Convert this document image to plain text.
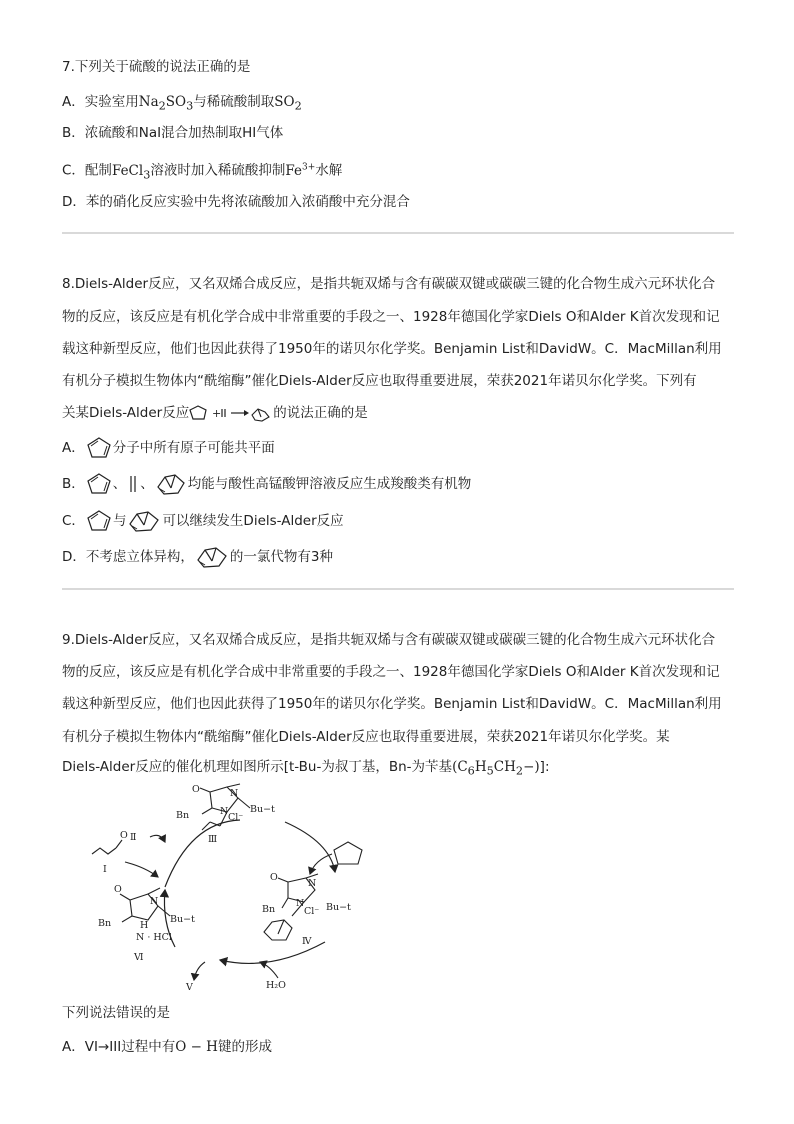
7.下列关于硫酸的说法正确的是
A．实验室用$Na_2SO_3$与稀硫酸制取$SO_2$
B．浓硫酸和NaI混合加热制取HI气体
C．配制FeCl$_3$溶液时加入稀硫酸抑制$Fe^{3+}$水解
D．苯的硝化反应实验中先将浓硫酸加入浓硝酸中充分混合
8.Diels-Alder反应，又名双烯合成反应，是指共轭双烯与含有碳碳双键或碳碳三键的化合物生成六元环状化合
物的反应，该反应是有机化学合成中非常重要的手段之一、1928年德国化学家Diels O和Alder K首次发现和记
载这种新型反应，他们也因此获得了1950年的诺贝尔化学奖。Benjamin List和DavidW。C．MacMillan利用
有机分子模拟生物体内“酰缩酶”催化Diels-Alder反应也取得重要进展，荣获2021年诺贝尔化学奖。下列有
关某Diels-Alder反应 +	的说法正确的是
A． 分子中所有原子可能共平面
B． 、 、	均能与酸性高锰酸钾溶液反应生成羧酸类有机物
C． 与	可以继续发生Diels-Alder反应
D．不考虑立体异构，	的一氯代物有3种
9.Diels-Alder反应，又名双烯合成反应，是指共轭双烯与含有碳碳双键或碳碳三键的化合物生成六元环状化合
物的反应，该反应是有机化学合成中非常重要的手段之一、1928年德国化学家Diels O和Alder K首次发现和记
载这种新型反应，他们也因此获得了1950年的诺贝尔化学奖。Benjamin List和DavidW。C．MacMillan利用
有机分子模拟生物体内“酰缩酶”催化Diels-Alder反应也取得重要进展，荣获2021年诺贝尔化学奖。某
Diels-Alder反应的催化机理如图所示[t-Bu-为叔丁基，Bn-为苄基$(C_6H_5CH_2-)$]:
O	N
Bn	N
Cl⁻
Bu−t
Ⅲ
Ⅱ
O
I
O
N
Bn
N
Cl⁻ Bu−t
Ⅳ
H₂O
V
O
N
Bn	H
Bu−t
N · HCl
Ⅵ
下列说法错误的是
A．VI→III过程中有O − H键的形成
